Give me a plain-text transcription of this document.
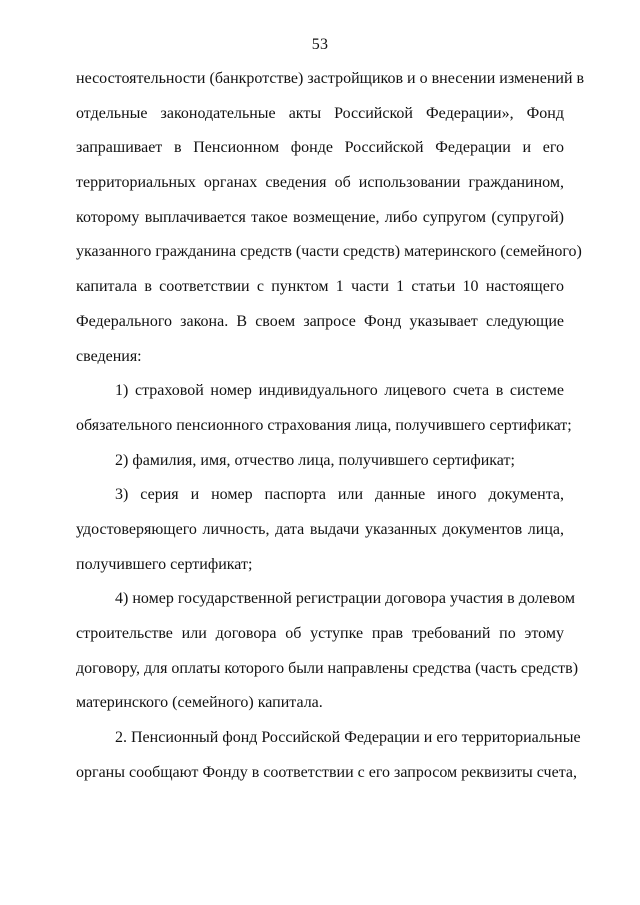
53
несостоятельности (банкротстве) застройщиков и о внесении изменений в
отдельные законодательные акты Российской Федерации», Фонд
запрашивает в Пенсионном фонде Российской Федерации и его
территориальных органах сведения об использовании гражданином,
которому выплачивается такое возмещение, либо супругом (супругой)
указанного гражданина средств (части средств) материнского (семейного)
капитала в соответствии с пунктом 1 части 1 статьи 10 настоящего
Федерального закона. В своем запросе Фонд указывает следующие
сведения:
1) страховой номер индивидуального лицевого счета в системе
обязательного пенсионного страхования лица, получившего сертификат;
2) фамилия, имя, отчество лица, получившего сертификат;
3) серия и номер паспорта или данные иного документа,
удостоверяющего личность, дата выдачи указанных документов лица,
получившего сертификат;
4) номер государственной регистрации договора участия в долевом
строительстве или договора об уступке прав требований по этому
договору, для оплаты которого были направлены средства (часть средств)
материнского (семейного) капитала.
2. Пенсионный фонд Российской Федерации и его территориальные
органы сообщают Фонду в соответствии с его запросом реквизиты счета,
